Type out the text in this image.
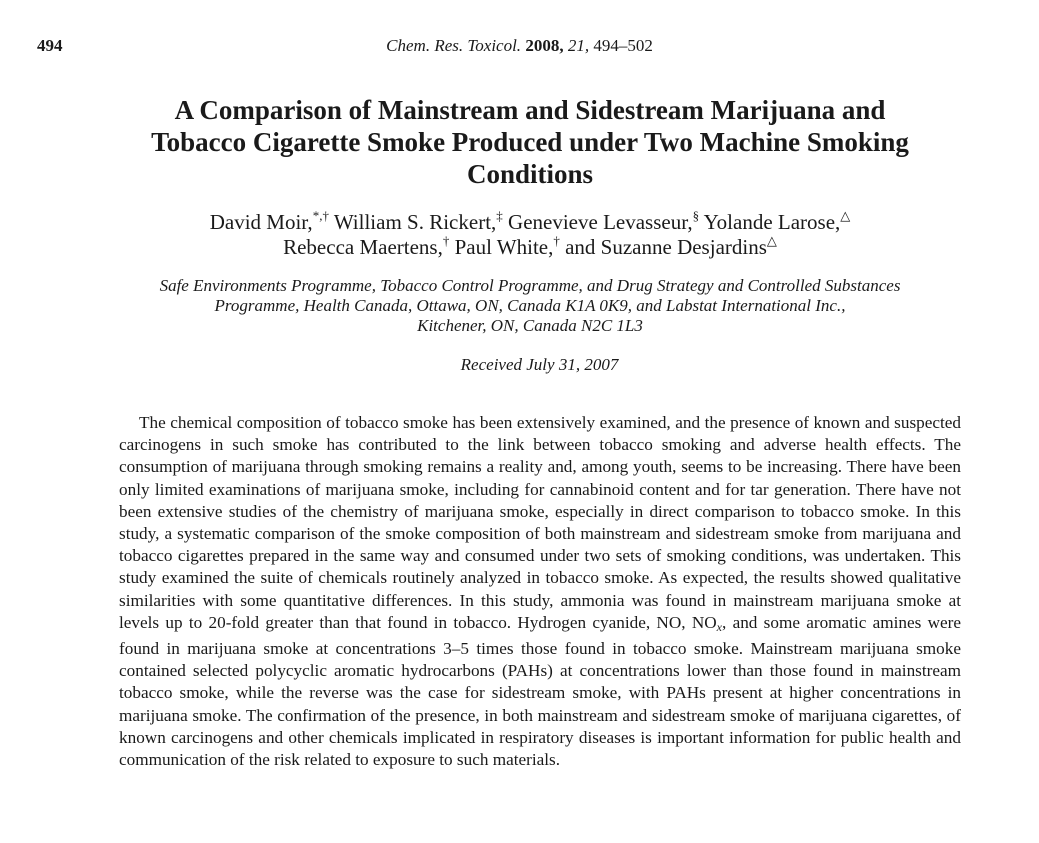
494	Chem. Res. Toxicol. 2008, 21, 494–502
A Comparison of Mainstream and Sidestream Marijuana and
Tobacco Cigarette Smoke Produced under Two Machine Smoking
Conditions
David Moir,*,† William S. Rickert,‡ Genevieve Levasseur,§ Yolande Larose,△
Rebecca Maertens,† Paul White,† and Suzanne Desjardins△
Safe Environments Programme, Tobacco Control Programme, and Drug Strategy and Controlled Substances
Programme, Health Canada, Ottawa, ON, Canada K1A 0K9, and Labstat International Inc.,
Kitchener, ON, Canada N2C 1L3
Received July 31, 2007

The chemical composition of tobacco smoke has been extensively examined, and the presence of known and suspected carcinogens in such smoke has contributed to the link between tobacco smoking and adverse health effects. The consumption of marijuana through smoking remains a reality and, among youth, seems to be increasing. There have been only limited examinations of marijuana smoke, including for cannabinoid content and for tar generation. There have not been extensive studies of the chemistry of marijuana smoke, especially in direct comparison to tobacco smoke. In this study, a systematic comparison of the smoke composition of both mainstream and sidestream smoke from marijuana and tobacco cigarettes prepared in the same way and consumed under two sets of smoking conditions, was undertaken. This study examined the suite of chemicals routinely analyzed in tobacco smoke. As expected, the results showed qualitative similarities with some quantitative differences. In this study, ammonia was found in mainstream marijuana smoke at levels up to 20-fold greater than that found in tobacco. Hydrogen cyanide, NO, NOx, and some aromatic amines were found in marijuana smoke at concentrations 3–5 times those found in tobacco smoke. Mainstream marijuana smoke contained selected polycyclic aromatic hydrocarbons (PAHs) at concentrations lower than those found in mainstream tobacco smoke, while the reverse was the case for sidestream smoke, with PAHs present at higher concentrations in marijuana smoke. The confirmation of the presence, in both mainstream and sidestream smoke of marijuana cigarettes, of known carcinogens and other chemicals implicated in respiratory diseases is important information for public health and communication of the risk related to exposure to such materials.
